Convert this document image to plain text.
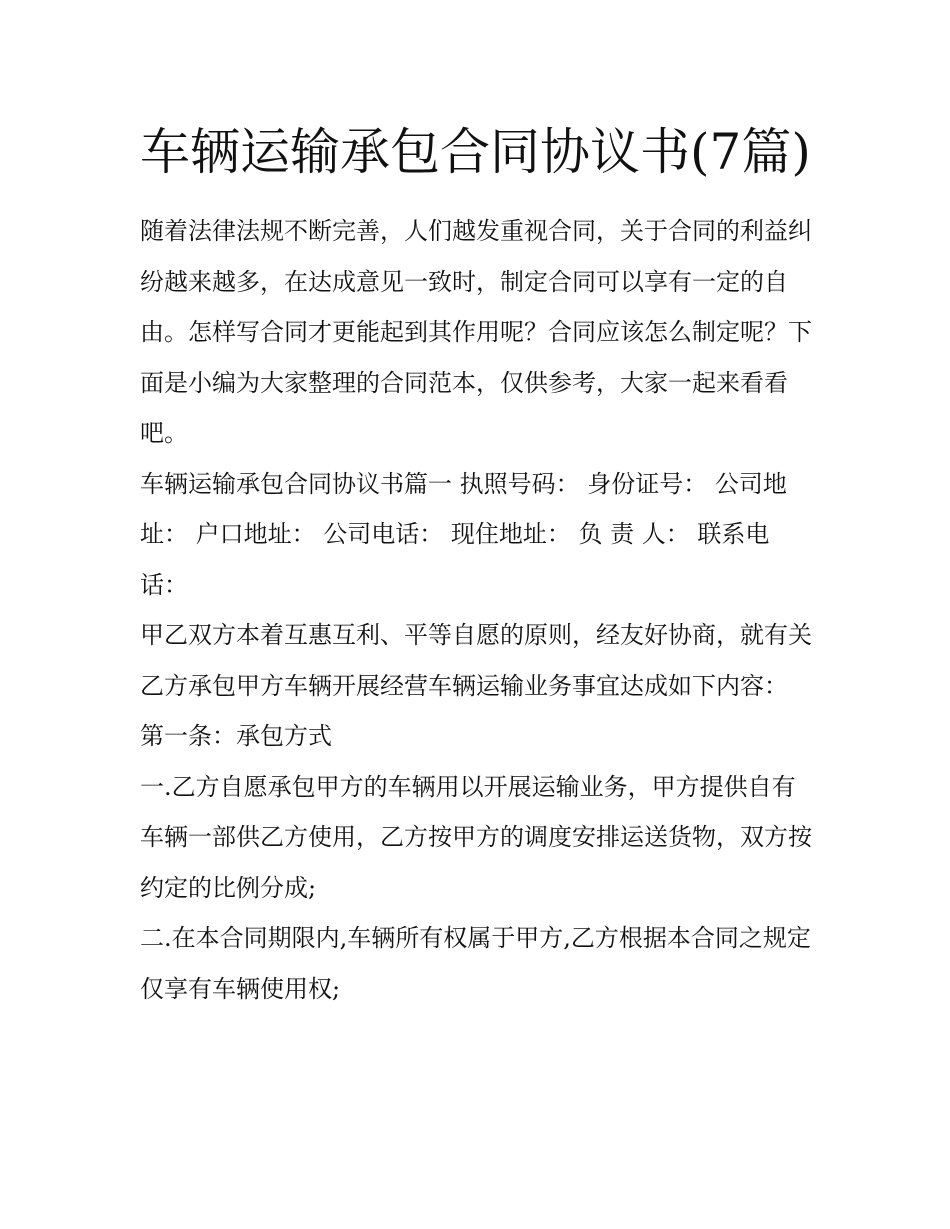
车辆运输承包合同协议书(7篇)

随着法律法规不断完善，人们越发重视合同，关于合同的利益纠纷越来越多，在达成意见一致时，制定合同可以享有一定的自由。怎样写合同才更能起到其作用呢？合同应该怎么制定呢？下面是小编为大家整理的合同范本，仅供参考，大家一起来看看吧。

车辆运输承包合同协议书篇一 执照号码： 身份证号： 公司地址： 户口地址： 公司电话： 现住地址： 负 责 人： 联系电话：

甲乙双方本着互惠互利、平等自愿的原则，经友好协商，就有关乙方承包甲方车辆开展经营车辆运输业务事宜达成如下内容： 第一条：承包方式

一.乙方自愿承包甲方的车辆用以开展运输业务，甲方提供自有车辆一部供乙方使用，乙方按甲方的调度安排运送货物，双方按约定的比例分成;

二.在本合同期限内,车辆所有权属于甲方,乙方根据本合同之规定仅享有车辆使用权;
